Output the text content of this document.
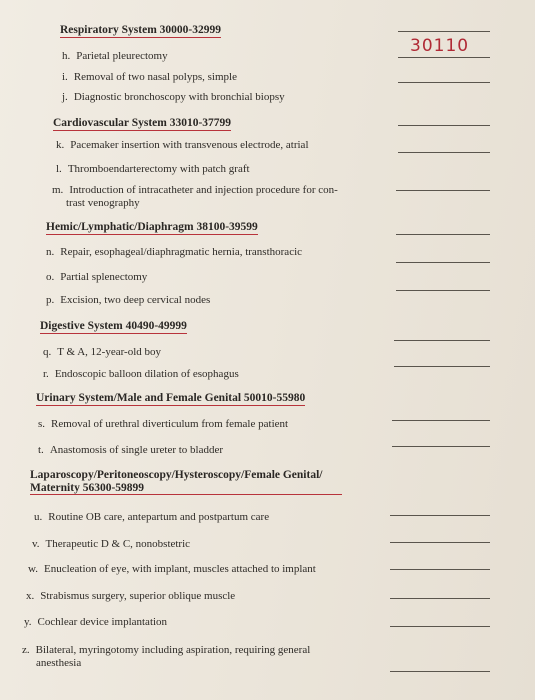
Respiratory System 30000-32999
h. Parietal pleurectomy
i. Removal of two nasal polyps, simple
j. Diagnostic bronchoscopy with bronchial biopsy
Cardiovascular System 33010-37799
k. Pacemaker insertion with transvenous electrode, atrial
l. Thromboendarterectomy with patch graft
m. Introduction of intracatheter and injection procedure for con-
trast venography
Hemic/Lymphatic/Diaphragm 38100-39599
n. Repair, esophageal/diaphragmatic hernia, transthoracic
o. Partial splenectomy
p. Excision, two deep cervical nodes
Digestive System 40490-49999
q. T & A, 12-year-old boy
r. Endoscopic balloon dilation of esophagus
Urinary System/Male and Female Genital 50010-55980
s. Removal of urethral diverticulum from female patient
t. Anastomosis of single ureter to bladder
Laparoscopy/Peritoneoscopy/Hysteroscopy/Female Genital/
Maternity 56300-59899
u. Routine OB care, antepartum and postpartum care
v. Therapeutic D & C, nonobstetric
w. Enucleation of eye, with implant, muscles attached to implant
x. Strabismus surgery, superior oblique muscle
y. Cochlear device implantation
z. Bilateral, myringotomy including aspiration, requiring general
anesthesia
30110
